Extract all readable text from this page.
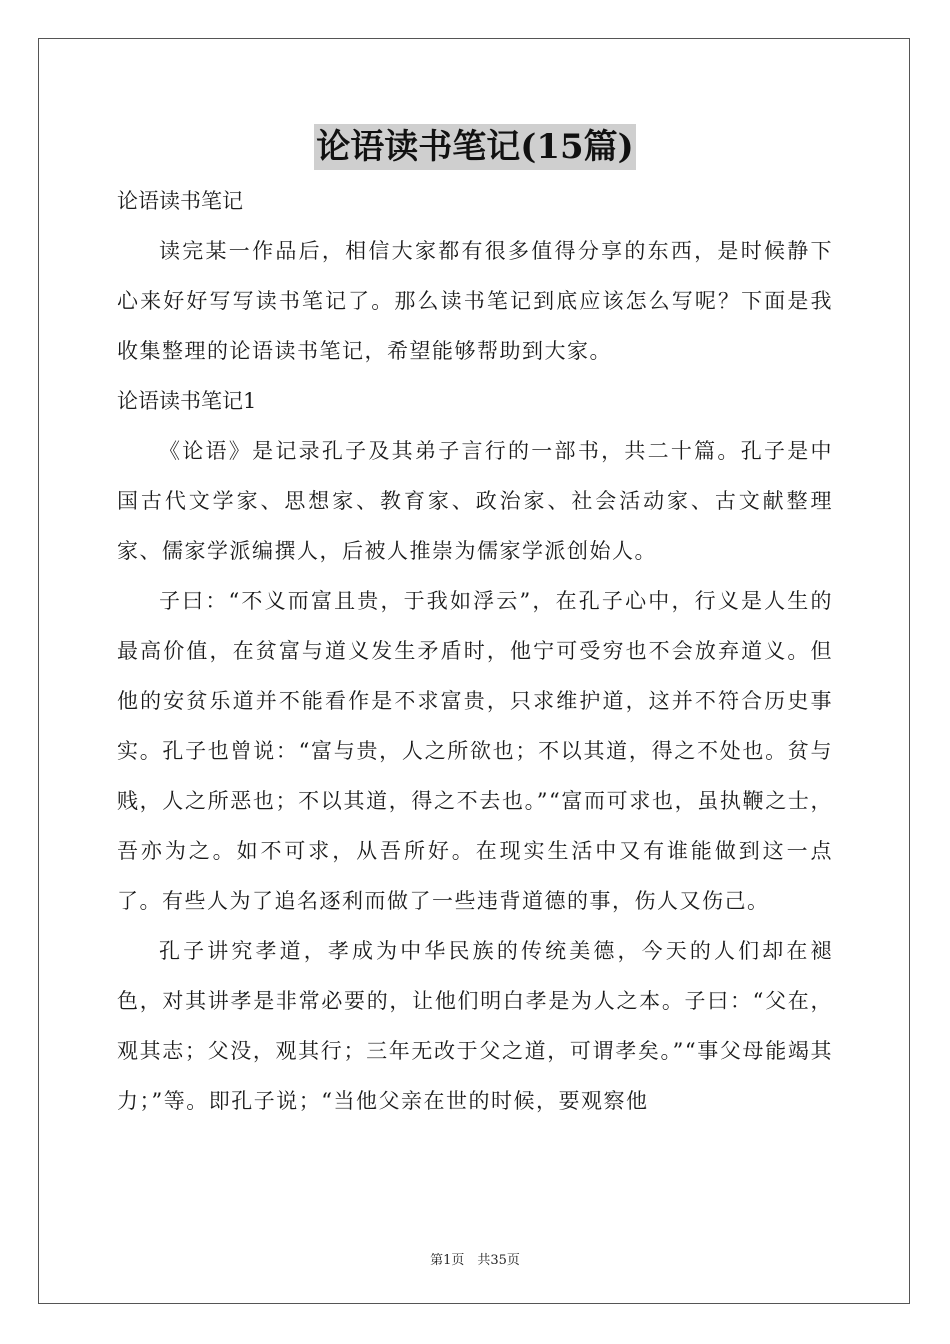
论语读书笔记(15篇)

论语读书笔记

读完某一作品后，相信大家都有很多值得分享的东西，是时候静下心来好好写写读书笔记了。那么读书笔记到底应该怎么写呢？下面是我收集整理的论语读书笔记，希望能够帮助到大家。

论语读书笔记1

《论语》是记录孔子及其弟子言行的一部书，共二十篇。孔子是中国古代文学家、思想家、教育家、政治家、社会活动家、古文献整理家、儒家学派编撰人，后被人推崇为儒家学派创始人。

子曰：“不义而富且贵，于我如浮云”，在孔子心中，行义是人生的最高价值，在贫富与道义发生矛盾时，他宁可受穷也不会放弃道义。但他的安贫乐道并不能看作是不求富贵，只求维护道，这并不符合历史事实。孔子也曾说：“富与贵，人之所欲也；不以其道，得之不处也。贫与贱，人之所恶也；不以其道，得之不去也。”“富而可求也，虽执鞭之士，吾亦为之。如不可求，从吾所好。在现实生活中又有谁能做到这一点了。有些人为了追名逐利而做了一些违背道德的事，伤人又伤己。

孔子讲究孝道，孝成为中华民族的传统美德，今天的人们却在褪色，对其讲孝是非常必要的，让他们明白孝是为人之本。子曰：“父在，观其志；父没，观其行；三年无改于父之道，可谓孝矣。”“事父母能竭其力；”等。即孔子说；“当他父亲在世的时候，要观察他

第1页　共35页
